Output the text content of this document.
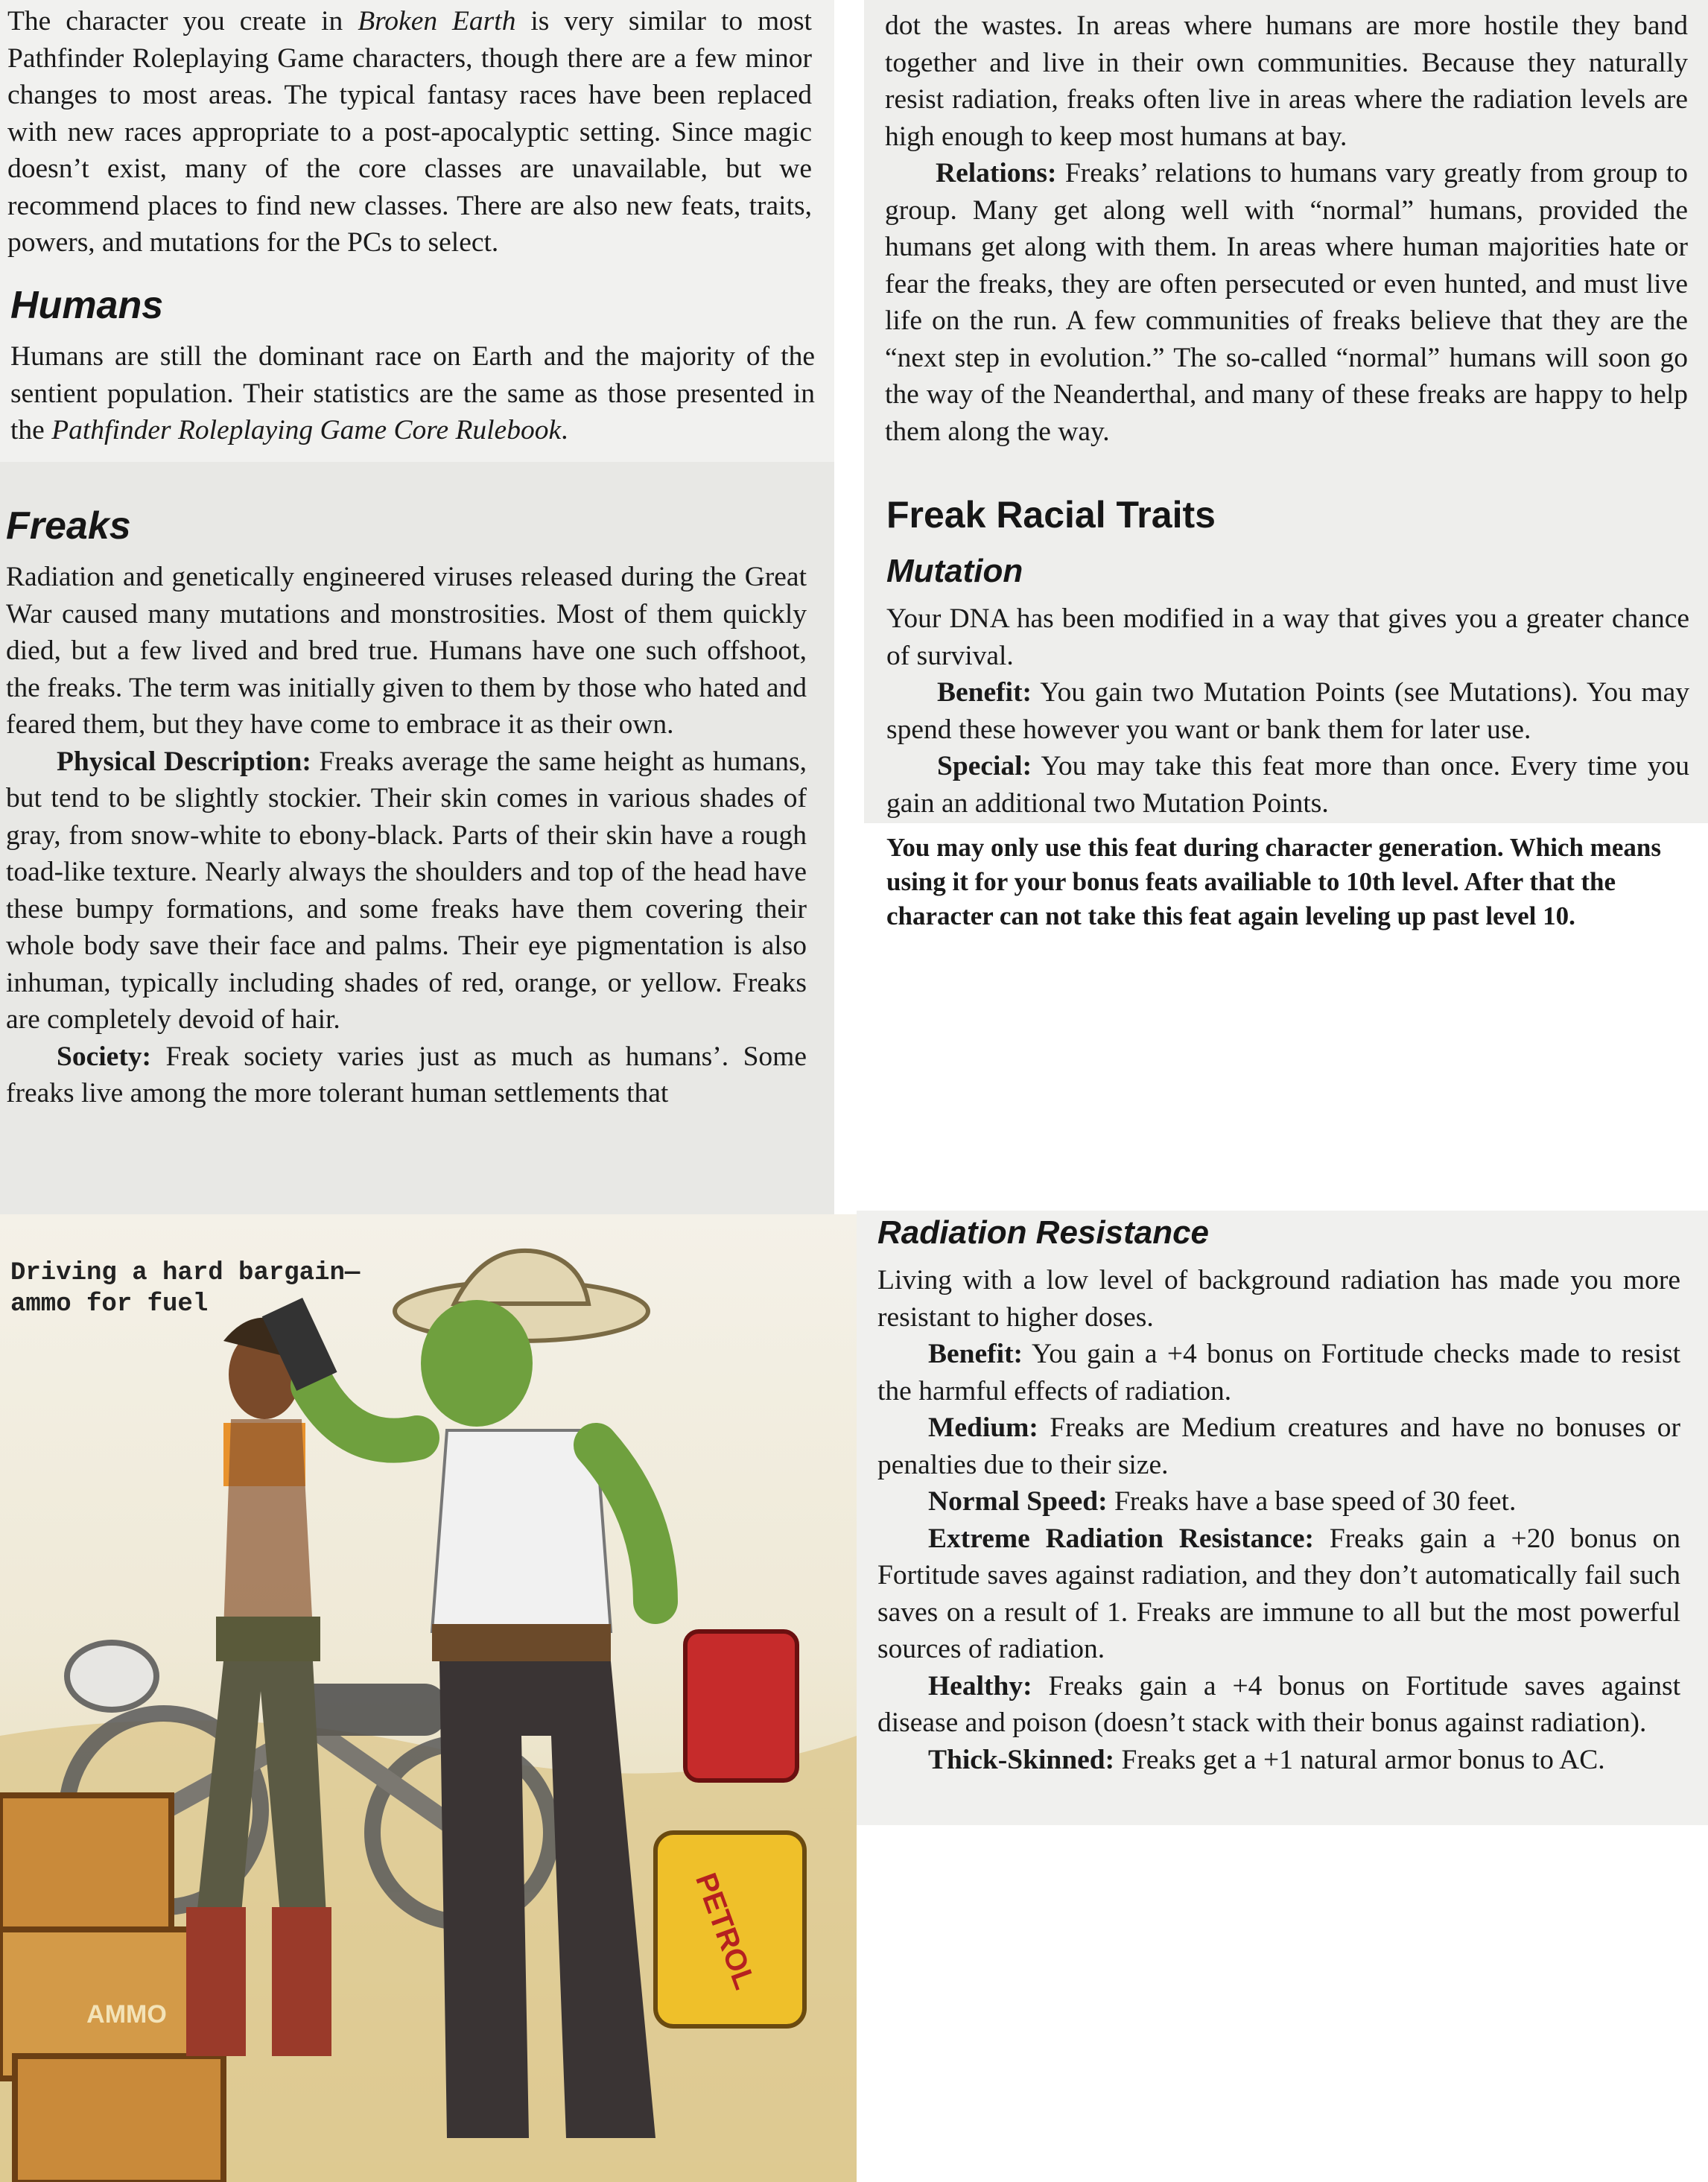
The character you create in Broken Earth is very similar to most Pathfinder Roleplaying Game characters, though there are a few minor changes to most areas. The typical fantasy races have been replaced with new races appropriate to a post-apocalyptic setting. Since magic doesn’t exist, many of the core classes are unavailable, but we recommend places to find new classes. There are also new feats, traits, powers, and mutations for the PCs to select.

Humans

Humans are still the dominant race on Earth and the majority of the sentient population. Their statistics are the same as those presented in the Pathfinder Roleplaying Game Core Rulebook.

Freaks

Radiation and genetically engineered viruses released during the Great War caused many mutations and monstrosities. Most of them quickly died, but a few lived and bred true. Humans have one such offshoot, the freaks. The term was initially given to them by those who hated and feared them, but they have come to embrace it as their own.

Physical Description: Freaks average the same height as humans, but tend to be slightly stockier. Their skin comes in various shades of gray, from snow-white to ebony-black. Parts of their skin have a rough toad-like texture. Nearly always the shoulders and top of the head have these bumpy formations, and some freaks have them covering their whole body save their face and palms. Their eye pigmentation is also inhuman, typically including shades of red, orange, or yellow. Freaks are completely devoid of hair.

Society: Freak society varies just as much as humans’. Some freaks live among the more tolerant human settlements that

AMMO
PETROL
Driving a hard bargain—
ammo for fuel

dot the wastes. In areas where humans are more hostile they band together and live in their own communities. Because they naturally resist radiation, freaks often live in areas where the radiation levels are high enough to keep most humans at bay.

Relations: Freaks’ relations to humans vary greatly from group to group. Many get along well with “normal” humans, provided the humans get along with them. In areas where human majorities hate or fear the freaks, they are often persecuted or even hunted, and must live life on the run. A few communities of freaks believe that they are the “next step in evolution.” The so-called “normal” humans will soon go the way of the Neanderthal, and many of these freaks are happy to help them along the way.

Freak Racial Traits
Mutation

Your DNA has been modified in a way that gives you a greater chance of survival.

Benefit: You gain two Mutation Points (see Mutations). You may spend these however you want or bank them for later use.

Special: You may take this feat more than once. Every time you gain an additional two Mutation Points.

You may only use this feat during character generation. Which means using it for your bonus feats availiable to 10th level. After that the character can not take this feat again leveling up past level 10.

Radiation Resistance

Living with a low level of background radiation has made you more resistant to higher doses.

Benefit: You gain a +4 bonus on Fortitude checks made to resist the harmful effects of radiation.

Medium: Freaks are Medium creatures and have no bonuses or penalties due to their size.

Normal Speed: Freaks have a base speed of 30 feet.

Extreme Radiation Resistance: Freaks gain a +20 bonus on Fortitude saves against radiation, and they don’t automatically fail such saves on a result of 1. Freaks are immune to all but the most powerful sources of radiation.

Healthy: Freaks gain a +4 bonus on Fortitude saves against disease and poison (doesn’t stack with their bonus against radiation).

Thick-Skinned: Freaks get a +1 natural armor bonus to AC.
